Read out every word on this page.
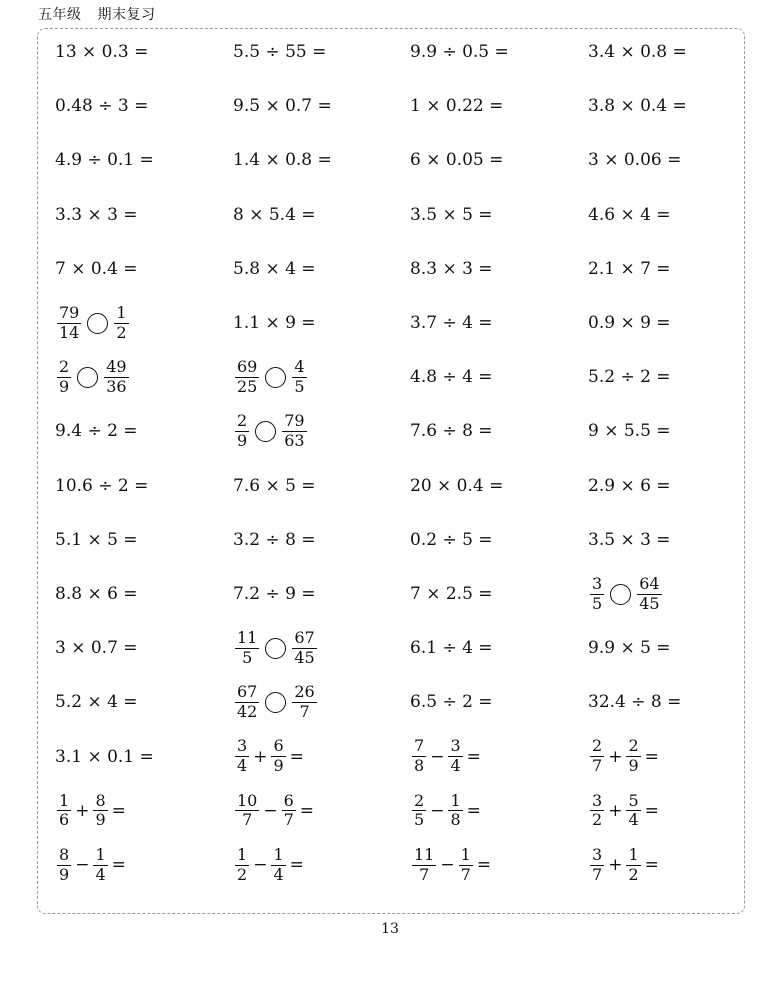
五年级 期末复习
13 × 0.3 =	5.5 ÷ 55 =	9.9 ÷ 0.5 =	3.4 × 0.8 =
0.48 ÷ 3 =	9.5 × 0.7 =	1 × 0.22 =	3.8 × 0.4 =
4.9 ÷ 0.1 =	1.4 × 0.8 =	6 × 0.05 =	3 × 0.06 =
3.3 × 3 =	8 × 5.4 =	3.5 × 5 =	4.6 × 4 =
7 × 0.4 =	5.8 × 4 =	8.3 × 3 =	2.1 × 7 =
$\frac{79}{14} \frac{1}{2}$	1.1 × 9 =	3.7 ÷ 4 =	0.9 × 9 =
$\frac{2}{9} \frac{49}{36}$	$\frac{69}{25} \frac{4}{5}$	4.8 ÷ 4 =	5.2 ÷ 2 =
9.4 ÷ 2 =	$\frac{2}{9} \frac{79}{63}$	7.6 ÷ 8 =	9 × 5.5 =
10.6 ÷ 2 =	7.6 × 5 =	20 × 0.4 =	2.9 × 6 =
5.1 × 5 =	3.2 ÷ 8 =	0.2 ÷ 5 =	3.5 × 3 =
8.8 × 6 =	7.2 ÷ 9 =	7 × 2.5 =	$\frac{3}{5} \frac{64}{45}$
3 × 0.7 =	$\frac{11}{5} \frac{67}{45}$	6.1 ÷ 4 =	9.9 × 5 =
5.2 × 4 =	$\frac{67}{42} \frac{26}{7}$	6.5 ÷ 2 =	32.4 ÷ 8 =
3.1 × 0.1 =	$\frac{3}{4} + \frac{6}{9}$ =	$\frac{7}{8} - \frac{3}{4}$ =	$\frac{2}{7} + \frac{2}{9}$ =
$\frac{1}{6} + \frac{8}{9}$ =	$\frac{10}{7} - \frac{6}{7}$ =	$\frac{2}{5} - \frac{1}{8}$ =	$\frac{3}{2} + \frac{5}{4}$ =
$\frac{8}{9} - \frac{1}{4}$ =	$\frac{1}{2} - \frac{1}{4}$ =	$\frac{11}{7} - \frac{1}{7}$ =	$\frac{3}{7} + \frac{1}{2}$ =
13
